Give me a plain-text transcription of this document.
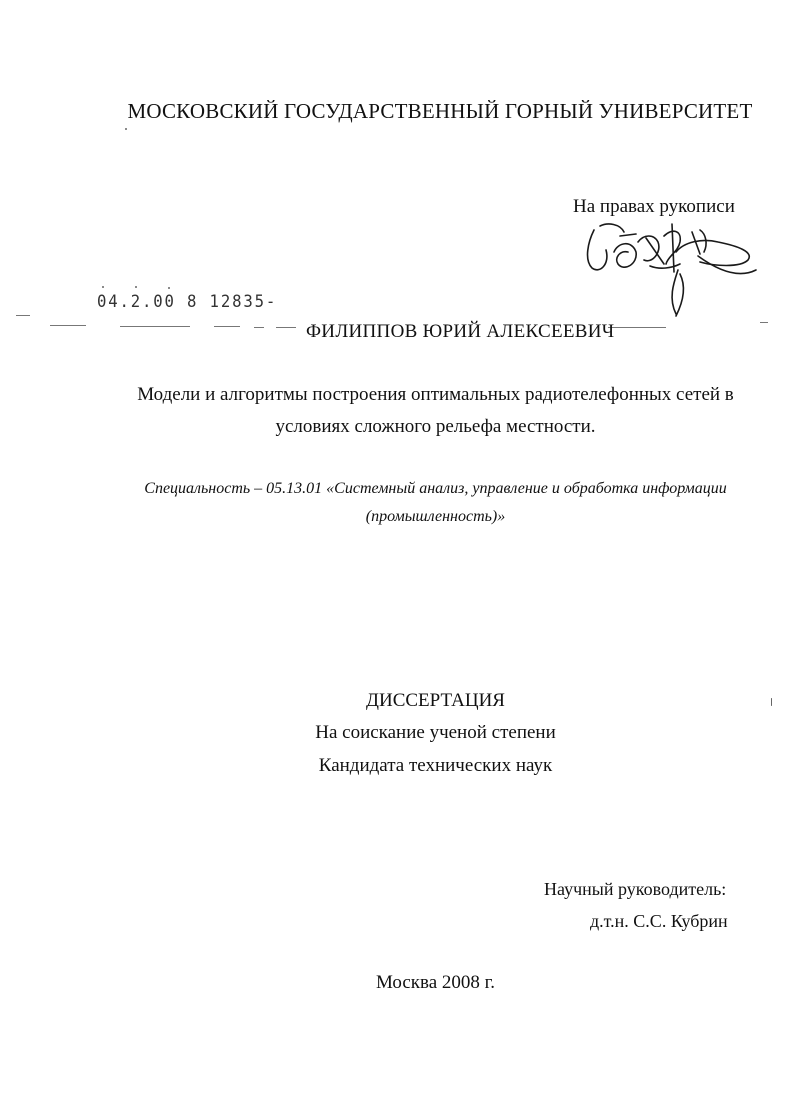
МОСКОВСКИЙ ГОСУДАРСТВЕННЫЙ ГОРНЫЙ УНИВЕРСИТЕТ
На правах рукописи
04.2.00 8 12835-
ФИЛИППОВ ЮРИЙ АЛЕКСЕЕВИЧ
Модели и алгоритмы построения оптимальных радиотелефонных сетей в
условиях сложного рельефа местности.
Специальность – 05.13.01 «Системный анализ, управление и обработка информации
(промышленность)»
ДИССЕРТАЦИЯ
На соискание ученой степени
Кандидата технических наук
Научный руководитель:
д.т.н. С.С. Кубрин
Москва 2008 г.
